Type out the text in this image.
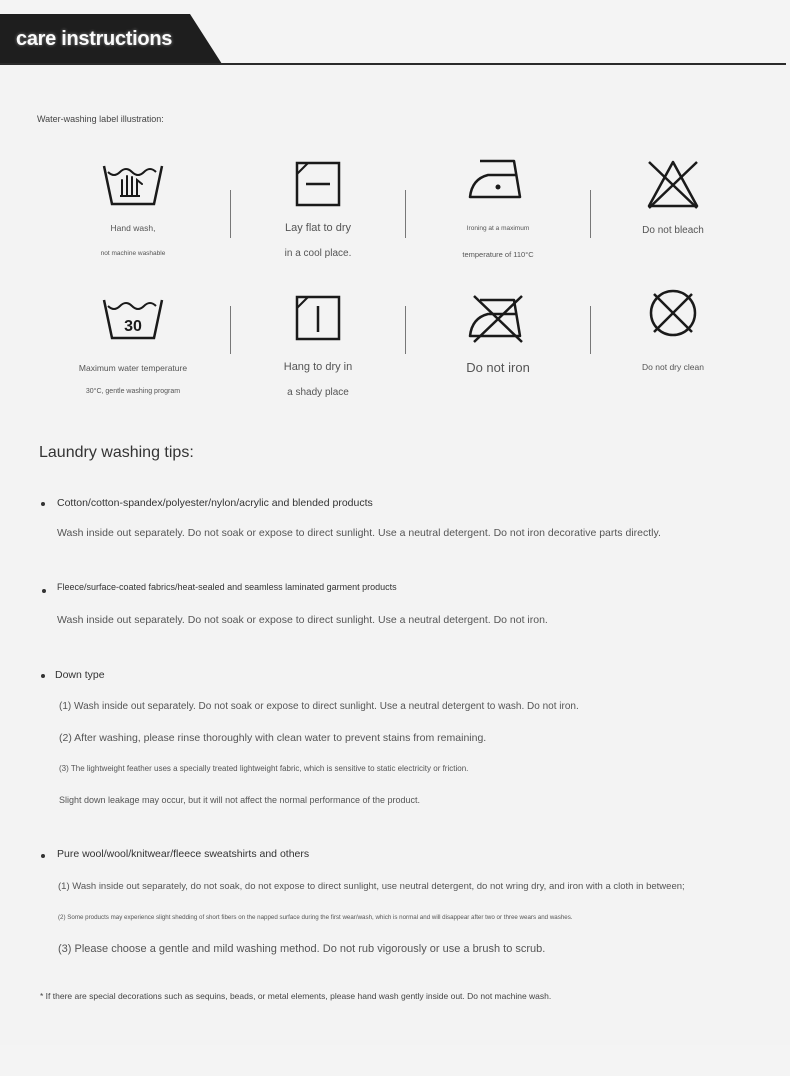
care instructions
Water-washing label illustration:
Hand wash,
not machine washable
Lay flat to dry
in a cool place.
Ironing at a maximum
temperature of 110°C
Do not bleach
30
Maximum water temperature
30°C, gentle washing program
Hang to dry in
a shady place
Do not iron	Do not dry clean
Laundry washing tips:
Cotton/cotton-spandex/polyester/nylon/acrylic and blended products
Wash inside out separately. Do not soak or expose to direct sunlight. Use a neutral detergent. Do not iron decorative parts directly.
Fleece/surface-coated fabrics/heat-sealed and seamless laminated garment products
Wash inside out separately. Do not soak or expose to direct sunlight. Use a neutral detergent. Do not iron.
Down type
(1) Wash inside out separately. Do not soak or expose to direct sunlight. Use a neutral detergent to wash. Do not iron.
(2) After washing, please rinse thoroughly with clean water to prevent stains from remaining.
(3) The lightweight feather uses a specially treated lightweight fabric, which is sensitive to static electricity or friction.
Slight down leakage may occur, but it will not affect the normal performance of the product.
Pure wool/wool/knitwear/fleece sweatshirts and others
(1) Wash inside out separately, do not soak, do not expose to direct sunlight, use neutral detergent, do not wring dry, and iron with a cloth in between;
(2) Some products may experience slight shedding of short fibers on the napped surface during the first wear/wash, which is normal and will disappear after two or three wears and washes.
(3) Please choose a gentle and mild washing method. Do not rub vigorously or use a brush to scrub.
* If there are special decorations such as sequins, beads, or metal elements, please hand wash gently inside out. Do not machine wash.
